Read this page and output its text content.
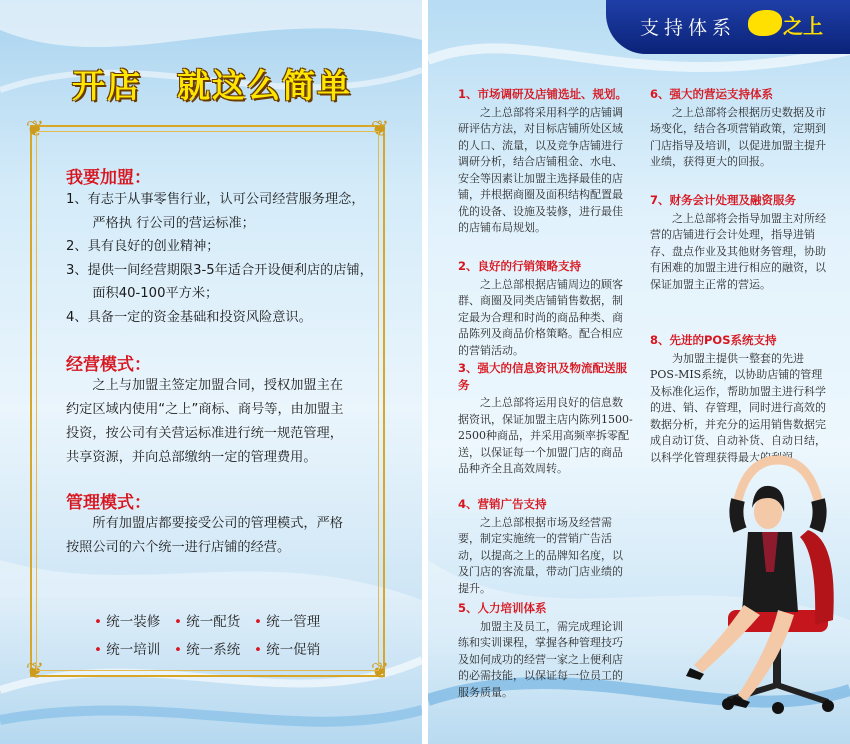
开店　就这么简单
❦	❦
❦	❦
我要加盟：
1、有志于从事零售行业，认可公司经营服务理念，
　　严格执 行公司的营运标准；
2、具有良好的创业精神；
3、提供一间经营期限3-5年适合开设便利店的店铺，
　　面积40-100平方米；
4、具备一定的资金基础和投资风险意识。
经营模式：
之上与加盟主签定加盟合同，授权加盟主在约定区域内使用“之上”商标、商号等，由加盟主投资，按公司有关营运标准进行统一规范管理，共享资源，并向总部缴纳一定的管理费用。
管理模式：
所有加盟店都要接受公司的管理模式，严格按照公司的六个统一进行店铺的经营。
• 统一装修	• 统一配货	• 统一管理
• 统一培训	• 统一系统	• 统一促销
支持体系 之上
1、市场调研及店铺选址、规划。
之上总部将采用科学的店铺调研评估方法，对目标店铺所处区域的人口、流量，以及竞争店铺进行调研分析，结合店铺租金、水电、安全等因素让加盟主选择最佳的店铺，并根据商圈及面积结构配置最优的设备、设施及装修，进行最佳的店铺布局规划。
2、良好的行销策略支持
之上总部根据店铺周边的顾客群、商圈及同类店铺销售数据，制定最为合理和时尚的商品种类、商品陈列及商品价格策略。配合相应的营销活动。
3、强大的信息资讯及物流配送服务
之上总部将运用良好的信息数据资讯，保证加盟主店内陈列1500-2500种商品，并采用高频率拆零配送，以保证每一个加盟门店的商品品种齐全且高效周转。
4、营销广告支持
之上总部根据市场及经营需要，制定实施统一的营销广告活动，以提高之上的品牌知名度，以及门店的客流量，带动门店业绩的提升。
5、人力培训体系
加盟主及员工，需完成理论训练和实训课程，掌握各种管理技巧及如何成功的经营一家之上便利店的必需技能，以保证每一位员工的服务质量。
6、强大的营运支持体系
之上总部将会根据历史数据及市场变化，结合各项营销政策，定期到门店指导及培训，以促进加盟主提升业绩，获得更大的回报。
7、财务会计处理及融资服务
之上总部将会指导加盟主对所经营的店铺进行会计处理，指导进销存、盘点作业及其他财务管理，协助有困难的加盟主进行相应的融资，以保证加盟主正常的营运。
8、先进的POS系统支持
为加盟主提供一整套的先进POS-MIS系统，以协助店铺的管理及标准化运作，帮助加盟主进行科学的进、销、存管理，同时进行高效的数据分析，并充分的运用销售数据完成自动订货、自动补货、自动日结，以科学化管理获得最大的利润。
